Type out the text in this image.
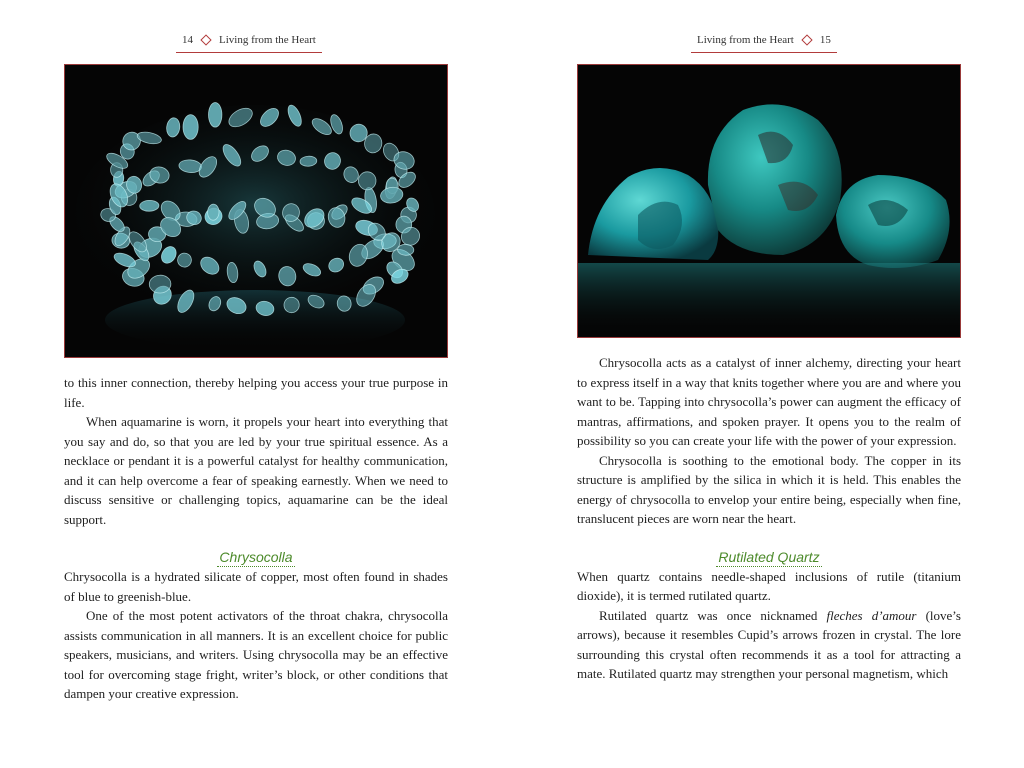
14 Living from the Heart

to this inner connection, thereby helping you access your true purpose in life.

When aquamarine is worn, it propels your heart into everything that you say and do, so that you are led by your true spiritual essence. As a necklace or pendant it is a powerful catalyst for healthy communication, and it can help overcome a fear of speaking earnestly. When we need to discuss sensitive or challenging topics, aquamarine can be the ideal support.

Chrysocolla

Chrysocolla is a hydrated silicate of copper, most often found in shades of blue to greenish-blue.

One of the most potent activators of the throat chakra, chrysocolla assists communication in all manners. It is an excellent choice for public speakers, musicians, and writers. Using chrysocolla may be an effective tool for overcoming stage fright, writer’s block, or other conditions that dampen your creative expression.

Living from the Heart 15

Chrysocolla acts as a catalyst of inner alchemy, directing your heart to express itself in a way that knits together where you are and where you want to be. Tapping into chrysocolla’s power can augment the efficacy of mantras, affirmations, and spoken prayer. It opens you to the realm of possibility so you can create your life with the power of your expression.

Chrysocolla is soothing to the emotional body. The copper in its structure is amplified by the silica in which it is held. This enables the energy of chrysocolla to envelop your entire being, especially when fine, translucent pieces are worn near the heart.

Rutilated Quartz

When quartz contains needle-shaped inclusions of rutile (titanium dioxide), it is termed rutilated quartz.

Rutilated quartz was once nicknamed fleches d’amour (love’s arrows), because it resembles Cupid’s arrows frozen in crystal. The lore surrounding this crystal often recommends it as a tool for attracting a mate. Rutilated quartz may strengthen your personal magnetism, which
